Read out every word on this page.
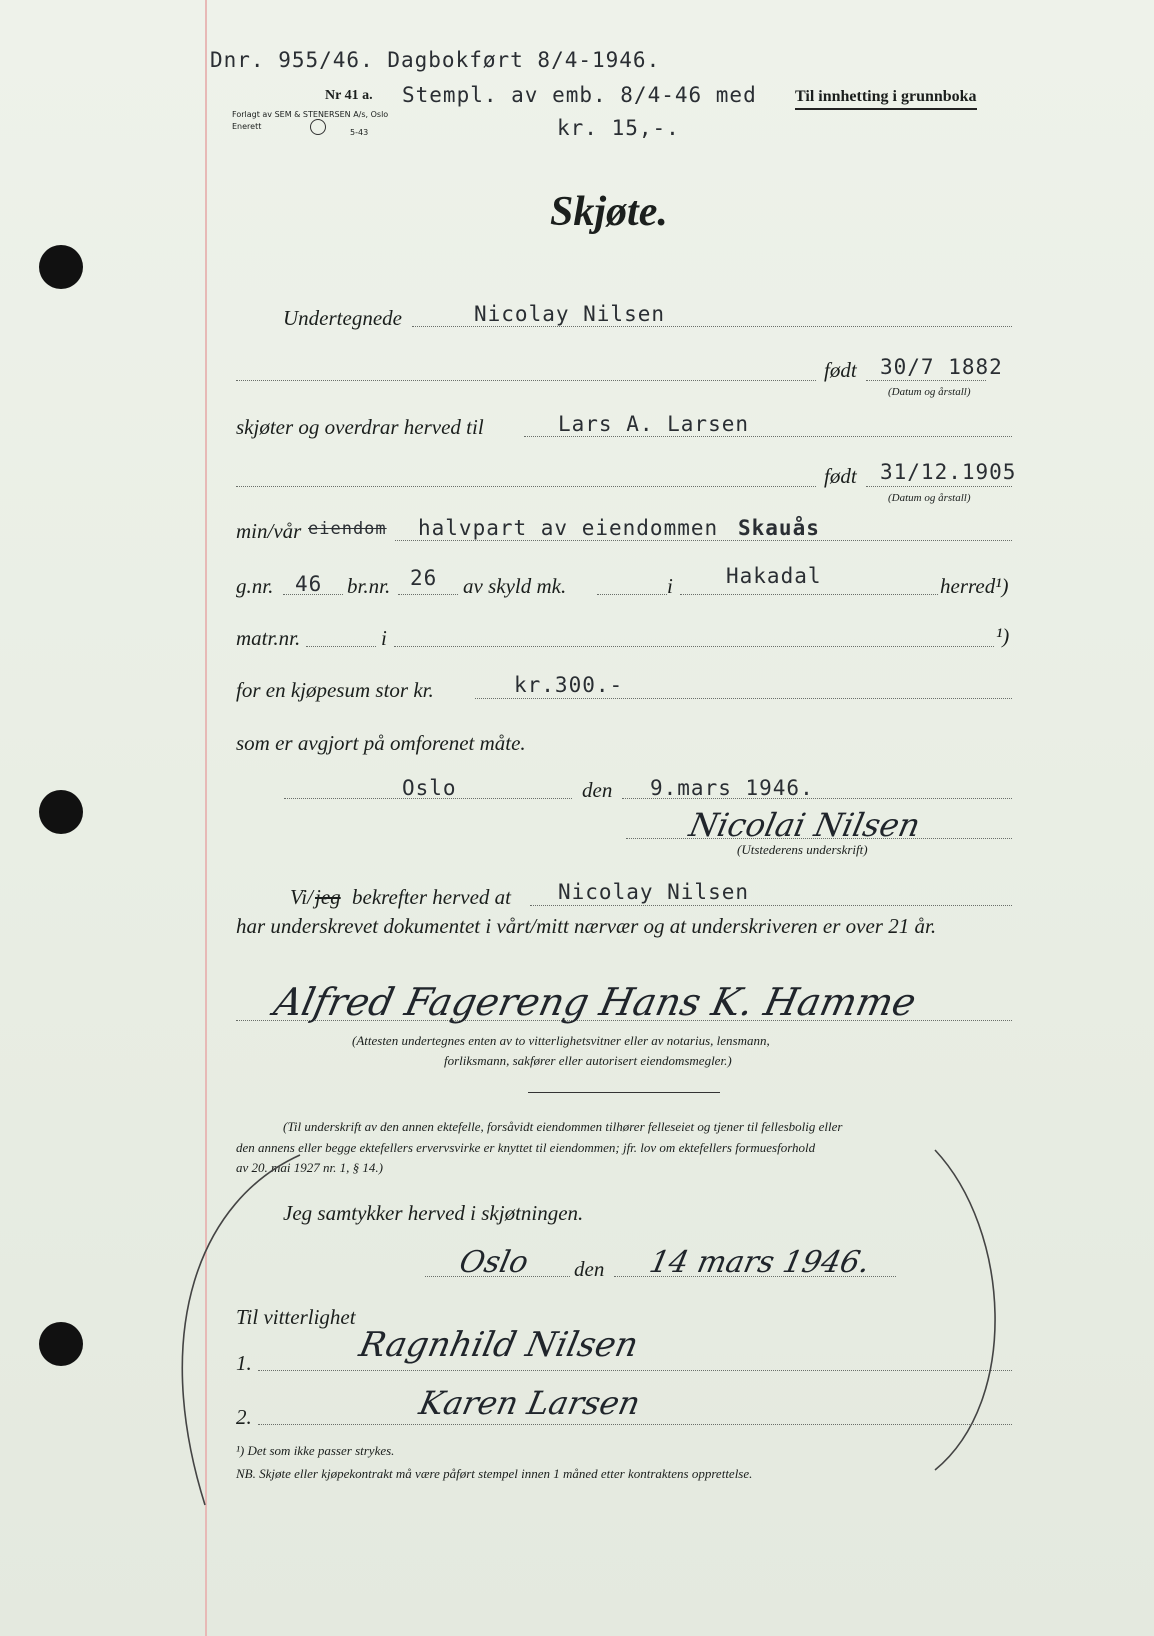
Dnr. 955/46. Dagbokført 8/4-1946.
Nr 41 a.
Forlagt av SEM & STENERSEN A/s, Oslo
Enerett
5-43
Stempl. av emb. 8/4-46 med
kr. 15,-.
Til innhetting i grunnboka
Skjøte.
Undertegnede	Nicolay Nilsen
født 30/7 1882
(Datum og årstall)
skjøter og overdrar herved til	Lars A. Larsen
født 31/12.1905
(Datum og årstall)
min/vår eiendom halvpart av eiendommen Skauås
g.nr. 46 br.nr. 26 av skyld mk.	i	Hakadal	herred¹)
matr.nr.	i	¹)
for en kjøpesum stor kr.	kr.300.-
som er avgjort på omforenet måte.
Oslo	den 9.mars 1946.
Nicolai Nilsen
(Utstederens underskrift)
Vi/ jeg bekrefter herved at Nicolay Nilsen
har underskrevet dokumentet i vårt/mitt nærvær og at underskriveren er over 21 år.
Alfred Fagereng Hans K. Hamme
(Attesten undertegnes enten av to vitterlighetsvitner eller av notarius, lensmann,
forliksmann, sakfører eller autorisert eiendomsmegler.)
(Til underskrift av den annen ektefelle, forsåvidt eiendommen tilhører felleseiet og tjener til fellesbolig eller
den annens eller begge ektefellers ervervsvirke er knyttet til eiendommen; jfr. lov om ektefellers formuesforhold
av 20. mai 1927 nr. 1, § 14.)
Jeg samtykker herved i skjøtningen.
Oslo den 14 mars 1946.
Til vitterlighet
1.	Ragnhild Nilsen
2.	Karen Larsen
¹) Det som ikke passer strykes.
NB. Skjøte eller kjøpekontrakt må være påført stempel innen 1 måned etter kontraktens opprettelse.
